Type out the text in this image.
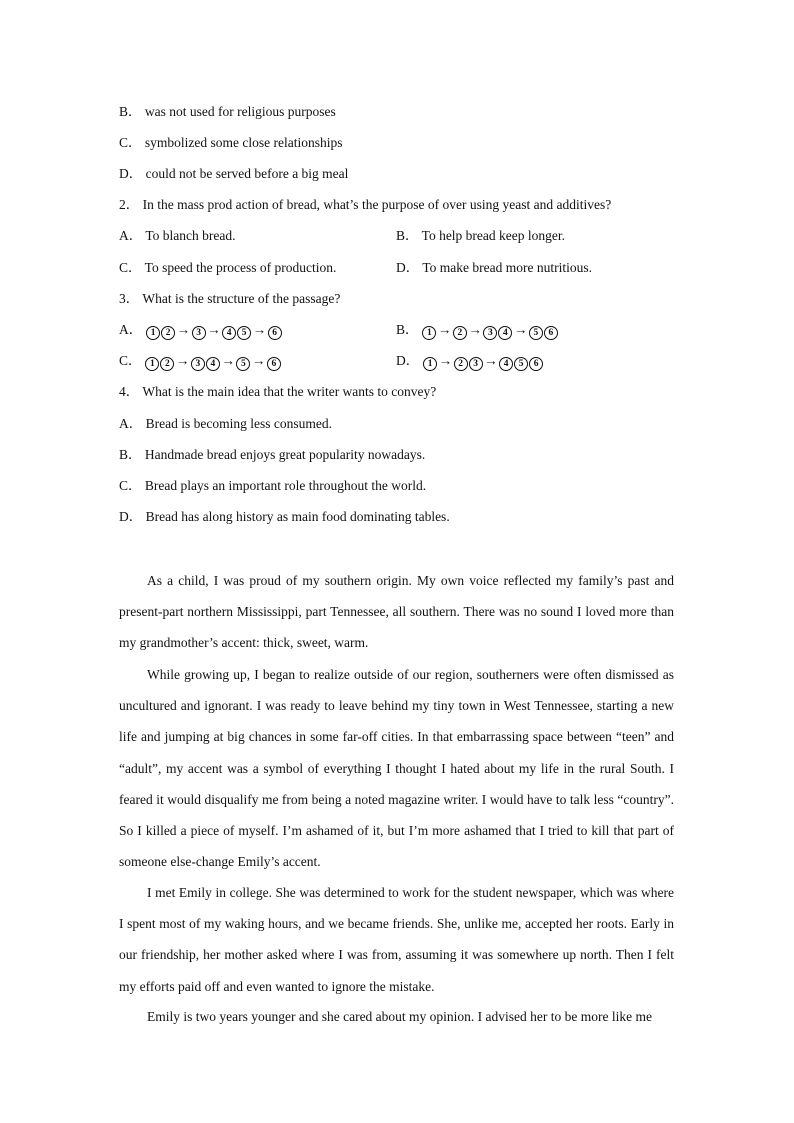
B． was not used for religious purposes
C． symbolized some close relationships
D． could not be served before a big meal
2． In the mass prod action of bread, what’s the purpose of over using yeast and additives?
A． To blanch bread.	B． To help bread keep longer.
C． To speed the process of production.	D． To make bread more nutritious.
3． What is the structure of the passage?
A． 1 2 → 3 → 4 5 → 6	B． 1 → 2 → 3 4 → 5 6
C． 1 2 → 3 4 → 5 → 6	D． 1 → 2 3 → 4 5 6
4． What is the main idea that the writer wants to convey?
A． Bread is becoming less consumed.
B． Handmade bread enjoys great popularity nowadays.
C． Bread plays an important role throughout the world.
D． Bread has along history as main food dominating tables.

As a child, I was proud of my southern origin. My own voice reflected my family’s past and present-part northern Mississippi, part Tennessee, all southern. There was no sound I loved more than my grandmother’s accent: thick, sweet, warm.

While growing up, I began to realize outside of our region, southerners were often dismissed as uncultured and ignorant. I was ready to leave behind my tiny town in West Tennessee, starting a new life and jumping at big chances in some far-off cities. In that embarrassing space between “teen” and “adult”, my accent was a symbol of everything I thought I hated about my life in the rural South. I feared it would disqualify me from being a noted magazine writer. I would have to talk less “country”. So I killed a piece of myself. I’m ashamed of it, but I’m more ashamed that I tried to kill that part of someone else-change Emily’s accent.

I met Emily in college. She was determined to work for the student newspaper, which was where I spent most of my waking hours, and we became friends. She, unlike me, accepted her roots. Early in our friendship, her mother asked where I was from, assuming it was somewhere up north. Then I felt my efforts paid off and even wanted to ignore the mistake.

Emily is two years younger and she cared about my opinion. I advised her to be more like me
